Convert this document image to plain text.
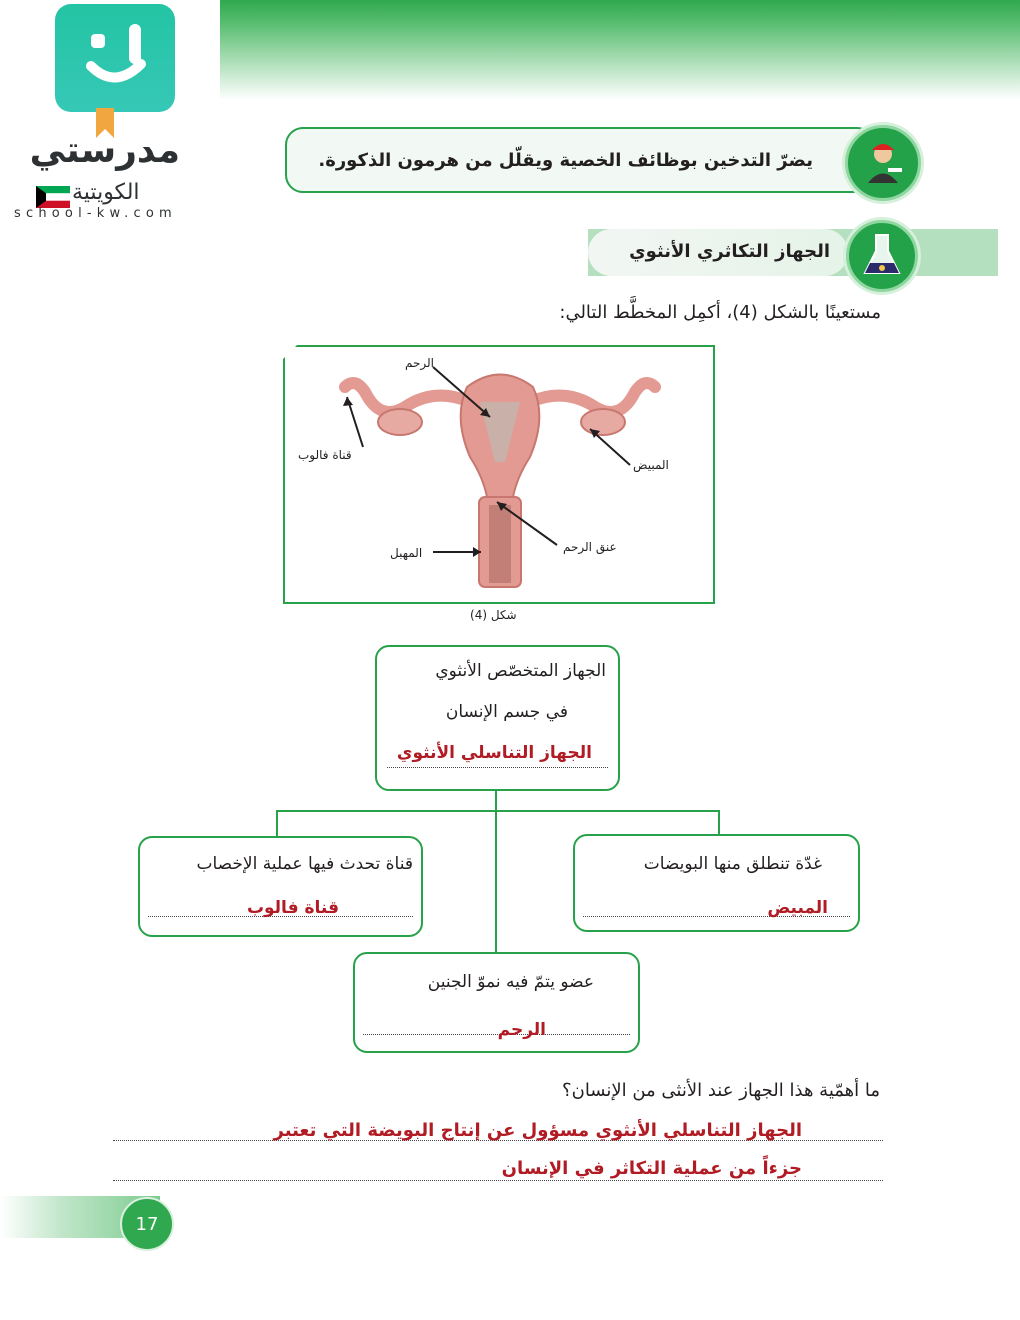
مدرستي
الكويتية
school-kw.com
يضرّ التدخين بوظائف الخصية ويقلّل من هرمون الذكورة.
الجهاز التكاثري الأنثوي
مستعينًا بالشكل (4)، أكمِل المخطَّط التالي:
الرحم
قناة فالوب
المبيض
عنق الرحم
المهبل
شكل (4)
الجهاز المتخصّص الأنثوي
في جسم الإنسان
الجهاز التناسلي الأنثوي
غدّة تنطلق منها البويضات
المبيض
قناة تحدث فيها عملية الإخصاب
قناة فالوب
عضو يتمّ فيه نموّ الجنين
الرحم
ما أهمّية هذا الجهاز عند الأنثى من الإنسان؟
الجهاز التناسلي الأنثوي مسؤول عن إنتاج البويضة التي تعتبر
جزءاً من عملية التكاثر في الإنسان
17
